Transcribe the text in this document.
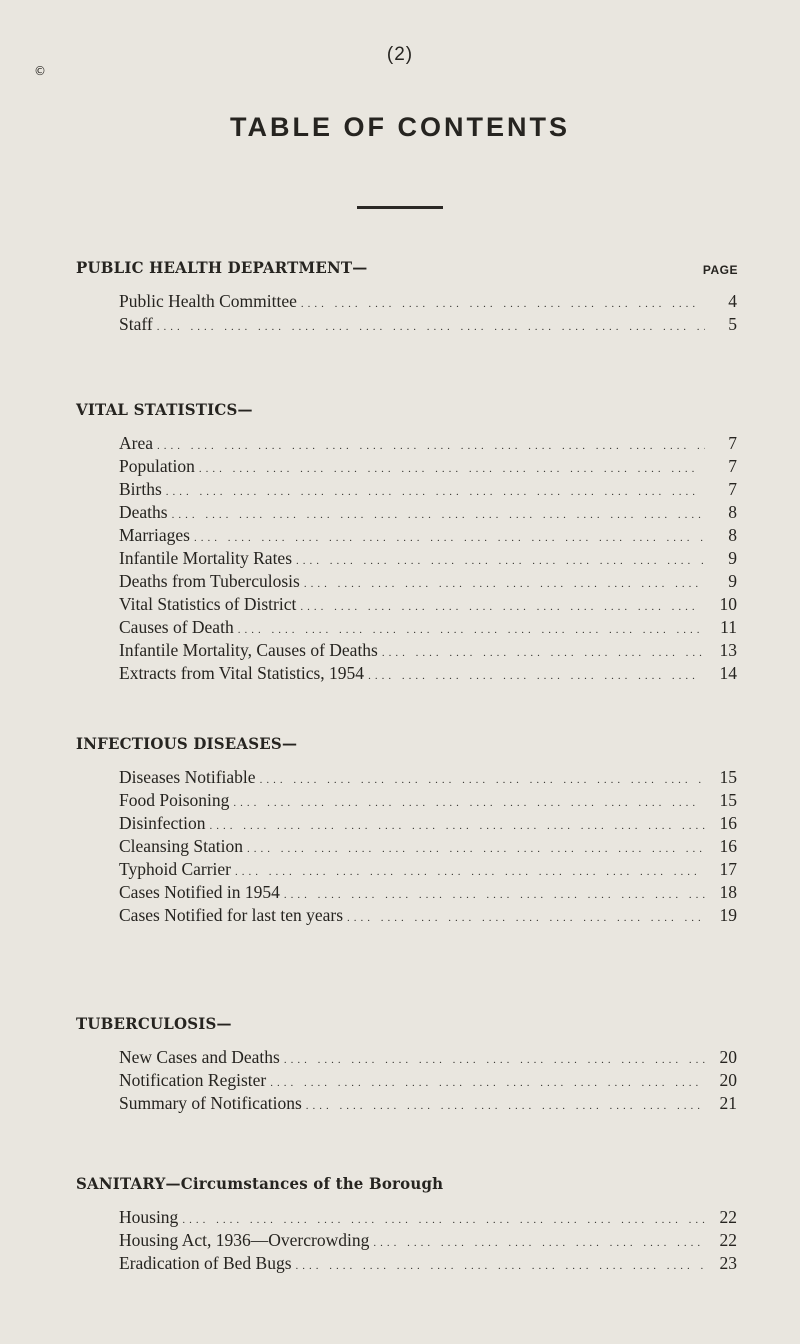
(2)
©
TABLE OF CONTENTS
PAGE
PUBLIC HEALTH DEPARTMENT—
Public Health Committee ....	4
Staff ....	5
VITAL STATISTICS—
Area ....	7
Population ....	7
Births ....	7
Deaths ....	8
Marriages ....	8
Infantile Mortality Rates ....	9
Deaths from Tuberculosis ....	9
Vital Statistics of District ....	10
Causes of Death ....	11
Infantile Mortality, Causes of Deaths ....	13
Extracts from Vital Statistics, 1954 ....	14
INFECTIOUS DISEASES—
Diseases Notifiable ....	15
Food Poisoning ....	15
Disinfection ....	16
Cleansing Station ....	16
Typhoid Carrier ....	17
Cases Notified in 1954 ....	18
Cases Notified for last ten years ....	19
TUBERCULOSIS—
New Cases and Deaths ....	20
Notification Register ....	20
Summary of Notifications ....	21
SANITARY—Circumstances of the Borough
Housing ....	22
Housing Act, 1936—Overcrowding ....	22
Eradication of Bed Bugs ....	23
